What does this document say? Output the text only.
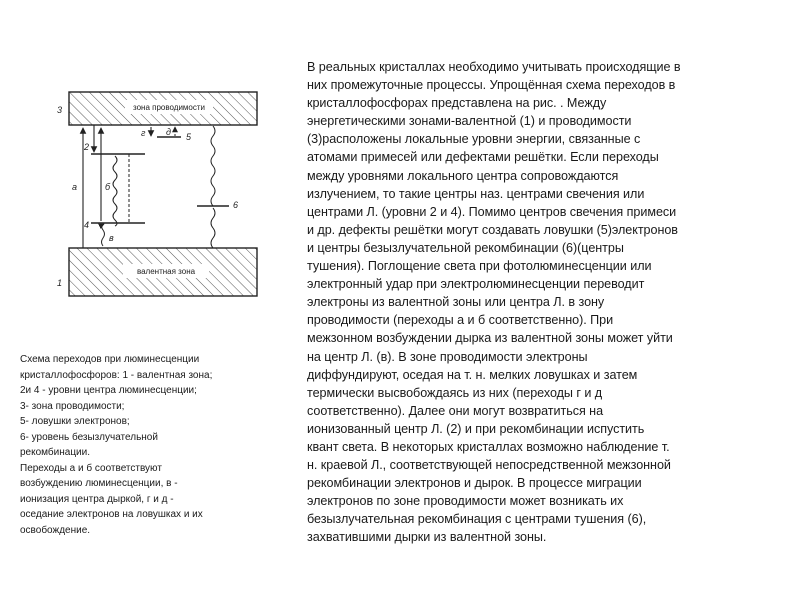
зона проводимости
валентная зона
3
2
4
1
5
6
а	б
в
г д

Схема переходов при люминесценции

кристаллофосфоров: 1 - валентная зона;

2и 4 - уровни центра люминесценции;

3- зона проводимости;

5- ловушки электронов;

6- уровень безызлучательной

рекомбинации.

Переходы а и б соответствуют

возбуждению люминесценции, в -

ионизация центра дыркой, г и д -

оседание электронов на ловушках и их

освобождение.

В реальных кристаллах необходимо учитывать происходящие в
них промежуточные процессы. Упрощённая схема переходов в
кристаллофосфорах представлена на рис. . Между
энергетическими зонами-валентной (1) и проводимости
(3)расположены локальные уровни энергии, связанные с
атомами примесей или дефектами решётки. Если переходы
между уровнями локального центра сопровождаются
излучением, то такие центры наз. центрами свечения или
центрами Л. (уровни 2 и 4). Помимо центров свечения примеси
и др. дефекты решётки могут создавать ловушки (5)электронов
и центры безызлучательной рекомбинации (6)(центры
тушения). Поглощение света при фотолюминесценции или
электронный удар при электролюминесценции переводит
электроны из валентной зоны или центра Л. в зону
проводимости (переходы а и б соответственно). При
межзонном возбуждении дырка из валентной зоны может уйти
на центр Л. (в). В зоне проводимости электроны
диффундируют, оседая на т. н. мелких ловушках и затем
термически высвобождаясь из них (переходы г и д
соответственно). Далее они могут возвратиться на
ионизованный центр Л. (2) и при рекомбинации испустить
квант света. В некоторых кристаллах возможно наблюдение т.
н. краевой Л., соответствующей непосредственной межзонной
рекомбинации электронов и дырок. В процессе миграции
электронов по зоне проводимости может возникать их
безызлучательная рекомбинация с центрами тушения (6),
захватившими дырки из валентной зоны.
